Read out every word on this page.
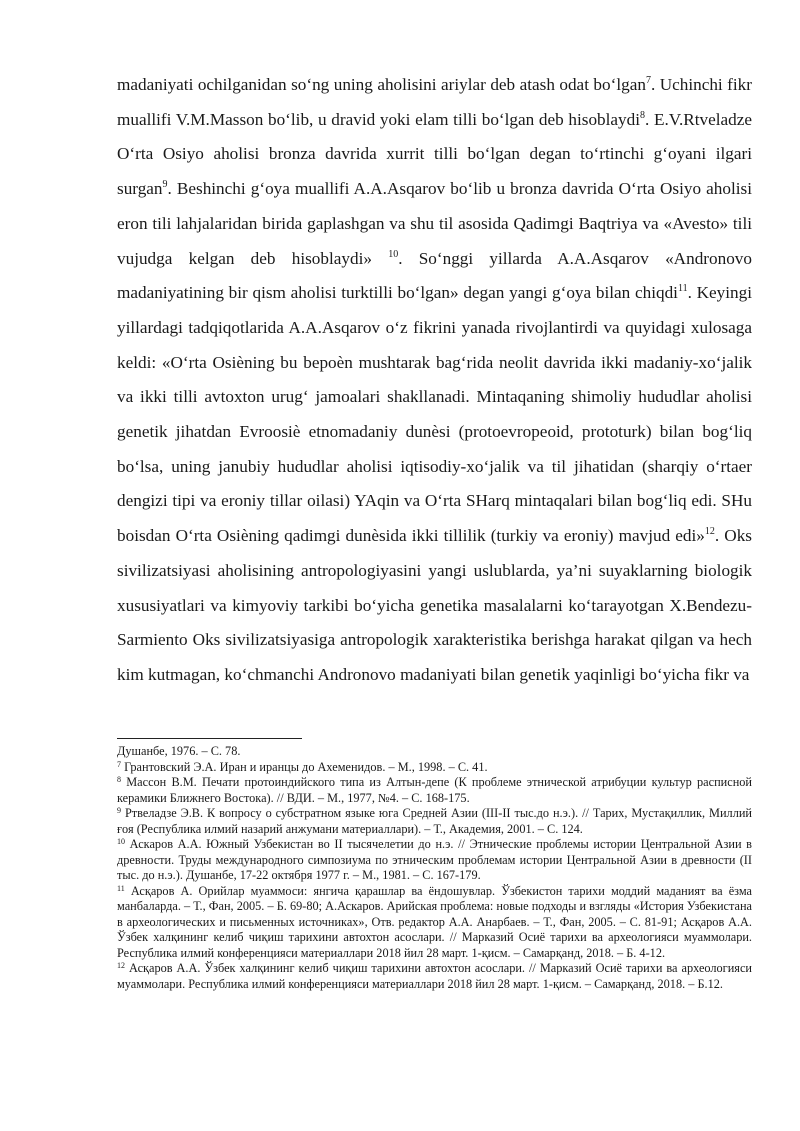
madaniyati ochilganidan so‘ng uning aholisini ariylar deb atash odat bo‘lgan$^7$. Uchinchi fikr muallifi V.M.Masson bo‘lib, u dravid yoki elam tilli bo‘lgan deb hisoblaydi$^8$. E.V.Rtveladze O‘rta Osiyo aholisi bronza davrida xurrit tilli bo‘lgan degan to‘rtinchi g‘oyani ilgari surgan$^9$. Beshinchi g‘oya muallifi A.A.Asqarov bo‘lib u bronza davrida O‘rta Osiyo aholisi eron tili lahjalaridan birida gaplashgan va shu til asosida Qadimgi Baqtriya va «Avesto» tili vujudga kelgan deb hisoblaydi» $^{10}$. So‘nggi yillarda A.A.Asqarov «Andronovo madaniyatining bir qism aholisi turktilli bo‘lgan» degan yangi g‘oya bilan chiqdi$^{11}$. Keyingi yillardagi tadqiqotlarida A.A.Asqarov o‘z fikrini yanada rivojlantirdi va quyidagi xulosaga keldi: «O‘rta Osiѐning bu bepoѐn mushtarak bag‘rida neolit davrida ikki madaniy-xo‘jalik va ikki tilli avtoxton urug‘ jamoalari shakllanadi. Mintaqaning shimoliy hududlar aholisi genetik jihatdan Evroosiѐ etnomadaniy dunѐsi (protoevropeoid, prototurk) bilan bog‘liq bo‘lsa, uning janubiy hududlar aholisi iqtisodiy-xo‘jalik va til jihatidan (sharqiy o‘rtaer dengizi tipi va eroniy tillar oilasi) YAqin va O‘rta SHarq mintaqalari bilan bog‘liq edi. SHu boisdan O‘rta Osiѐning qadimgi dunѐsida ikki tillilik (turkiy va eroniy) mavjud edi»$^{12}$. Oks sivilizatsiyasi aholisining antropologiyasini yangi uslublarda, ya’ni suyaklarning biologik xususiyatlari va kimyoviy tarkibi bo‘yicha genetika masalalarni ko‘tarayotgan X.Bendezu-Sarmiento Oks sivilizatsiyasiga antropologik xarakteristika berishga harakat qilgan va hech kim kutmagan, ko‘chmanchi Andronovo madaniyati bilan genetik yaqinligi bo‘yicha fikr va

Душанбе, 1976. – С. 78.
$^7$ Грантовский Э.А. Иран и иранцы до Ахеменидов. – М., 1998. – С. 41.
$^8$ Массон В.М. Печати протоиндийского типа из Алтын-депе (К проблеме этнической атрибуции культур расписной керамики Ближнего Востока). // ВДИ. – М., 1977, №4. – С. 168-175.
$^9$ Ртвеладзе Э.В. К вопросу о субстратном языке юга Средней Азии (III-II тыс.до н.э.). // Тарих, Мустақиллик, Миллий ғоя (Республика илмий назарий анжумани материаллари). – Т., Академия, 2001. – С. 124.
$^{10}$ Аскаров А.А. Южный Узбекистан во II тысячелетии до н.э. // Этнические проблемы истории Центральной Азии в древности. Труды международного симпозиума по этническим проблемам истории Центральной Азии в древности (II тыс. до н.э.). Душанбе, 17-22 октября 1977 г. – М., 1981. – С. 167-179.
$^{11}$ Асқаров А. Орийлар муаммоси: янгича қарашлар ва ёндошувлар. Ўзбекистон тарихи моддий маданият ва ёзма манбаларда. – Т., Фан, 2005. – Б. 69-80; А.Аскаров. Арийская проблема: новые подходы и взгляды «История Узбекистана в археологических и письменных источниках», Отв. редактор А.А. Анарбаев. – Т., Фан, 2005. – С. 81-91; Асқаров А.А. Ўзбек халқининг келиб чиқиш тарихини автохтон асослари. // Марказий Осиё тарихи ва археологияси муаммолари. Республика илмий конференцияси материаллари 2018 йил 28 март. 1-қисм. – Самарқанд, 2018. – Б. 4-12.
$^{12}$ Асқаров А.А. Ўзбек халқининг келиб чиқиш тарихини автохтон асослари. // Марказий Осиё тарихи ва археологияси муаммолари. Республика илмий конференцияси материаллари 2018 йил 28 март. 1-қисм. – Самарқанд, 2018. – Б.12.
